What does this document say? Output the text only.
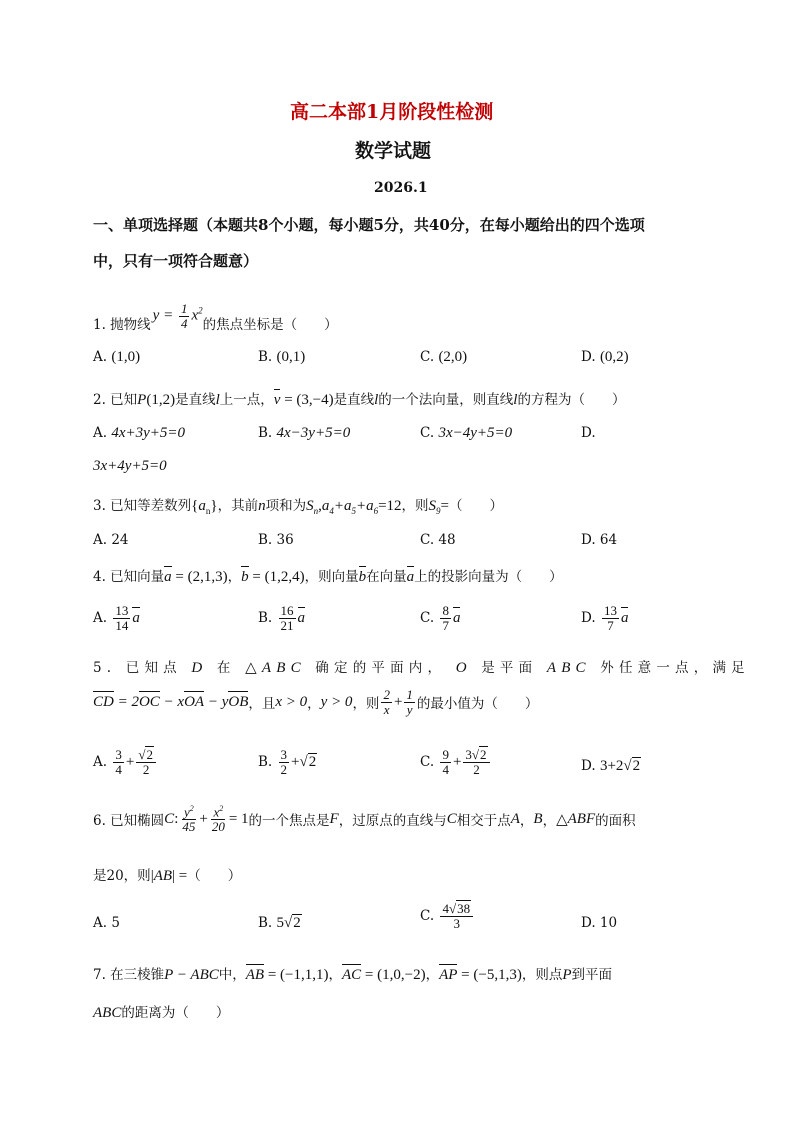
高二本部1月阶段性检测
数学试题
2026.1
一、单项选择题（本题共8个小题，每小题5分，共40分，在每小题给出的四个选项
中，只有一项符合题意）
1. 抛物线
$y = \frac{1}{4} x^2$
的焦点坐标是（　　）
A. (1,0)	B. (0,1)	C. (2,0)	D. (0,2)
2. 已知P(1,2)是直线l上一点，v = (3,−4)是直线l的一个法向量，则直线l的方程为（　　）
A. 4x+3y+5=0	B. 4x−3y+5=0	C. 3x−4y+5=0	D.
3x+4y+5=0
3. 已知等差数列$\{a_n\}$，其前n项和为$S_n,a_4+a_5+a_6=12$，则$S_9=$（　　）
A. 24	B. 36	C. 48	D. 64
4. 已知向量a = (2,1,3)，b = (1,2,4)，则向量b在向量a上的投影向量为（　　）
A. $\frac{13}{14}$ a	B. $\frac{16}{21}$ a	C. $\frac{8}{7}$ a	D. $\frac{13}{7}$ a
5. 已知点 D 在 △ABC 确定的平面内， O 是平面 ABC 外任意一点，满足
CD = 2OC − xOA − yOB ，且 x > 0 ， y > 0 ，则 $\frac{2}{x} + \frac{1}{y}$ 的最小值为（　　）
A. $\frac{3}{4} + \frac{√2}{2}$	B. $\frac{3}{2} +√2$	C. $\frac{9}{4} + \frac{3√2}{2}$	D. 3+2√2
6. 已知椭圆 C : $\frac{y^2}{45} + \frac{x^2}{20} = 1$ 的一个焦点是 F ，过原点的直线与 C 相交于点 A ， B ， △ ABF 的面积
是20，则|AB| =（　　）
A. 5	B. 5√2	C. $\frac{4√38}{3}$	D. 10
7. 在三棱锥P − ABC中，AB = (−1,1,1)，AC = (1,0,−2)，AP = (−5,1,3)，则点P到平面
ABC的距离为（　　）
